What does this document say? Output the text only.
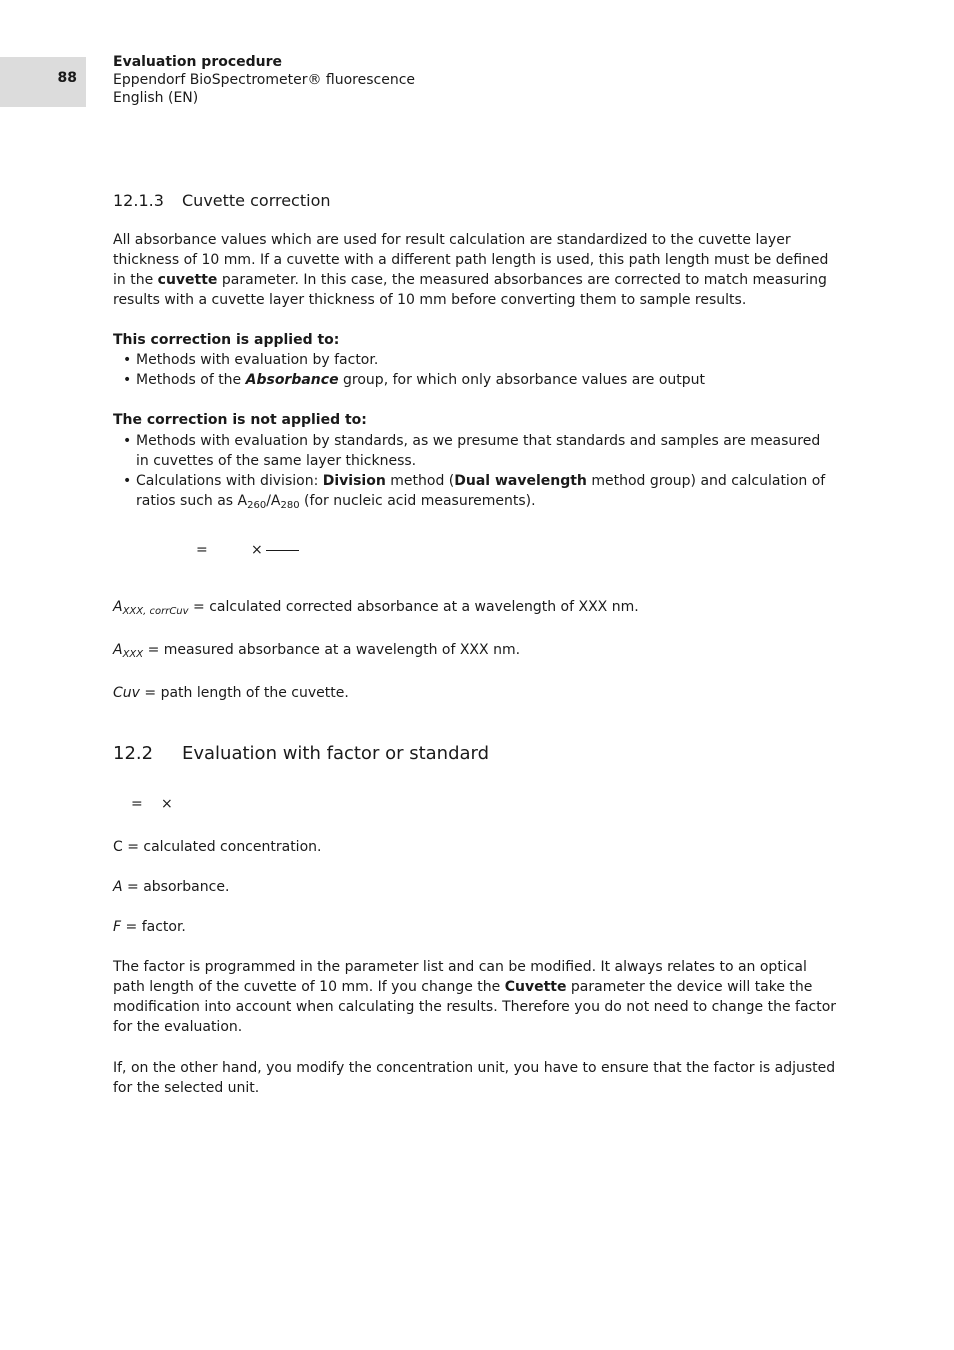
88
Evaluation procedure
Eppendorf BioSpectrometer® fluorescence
English (EN)
12.1.3 Cuvette correction
All absorbance values which are used for result calculation are standardized to the cuvette layer thickness of 10 mm. If a cuvette with a different path length is used, this path length must be defined in the cuvette parameter. In this case, the measured absorbances are corrected to match measuring results with a cuvette layer thickness of 10 mm before converting them to sample results.
This correction is applied to:
• Methods with evaluation by factor.
• Methods of the Absorbance group, for which only absorbance values are output
The correction is not applied to:
• Methods with evaluation by standards, as we presume that standards and samples are measured in cuvettes of the same layer thickness.
• Calculations with division: Division method (Dual wavelength method group) and calculation of ratios such as $A_{260}/A_{280}$ (for nucleic acid measurements).
=	×
$A_{XXX, corrCuv}$ = calculated corrected absorbance at a wavelength of XXX nm.
$A_{XXX}$ = measured absorbance at a wavelength of XXX nm.
Cuv = path length of the cuvette.
12.2 Evaluation with factor or standard
= ×
C = calculated concentration.
A = absorbance.
F = factor.
The factor is programmed in the parameter list and can be modified. It always relates to an optical path length of the cuvette of 10 mm. If you change the Cuvette parameter the device will take the modification into account when calculating the results. Therefore you do not need to change the factor for the evaluation.
If, on the other hand, you modify the concentration unit, you have to ensure that the factor is adjusted for the selected unit.
